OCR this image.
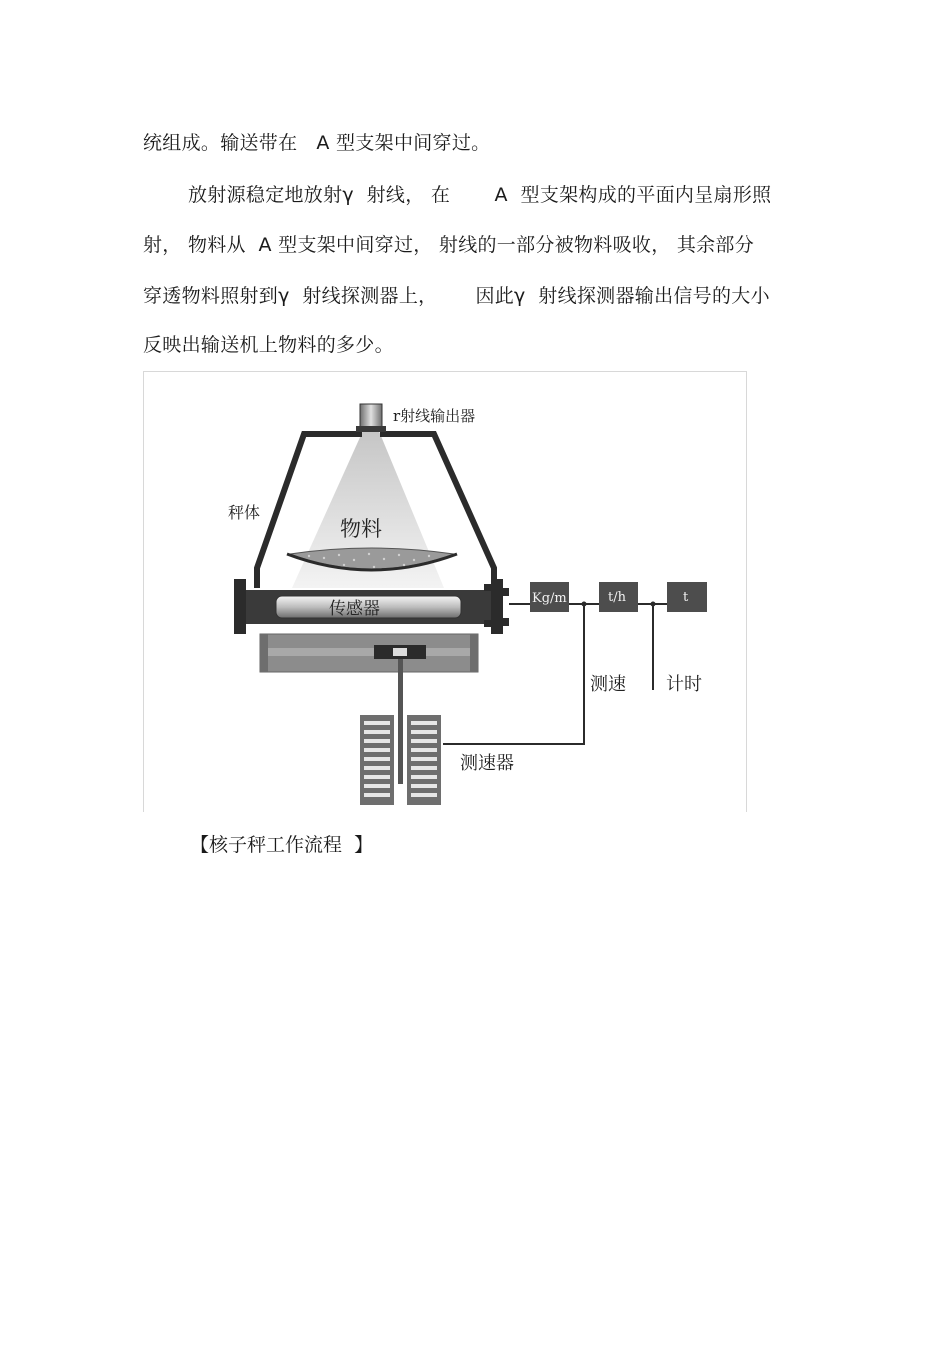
统组成。输送带在   A 型支架中间穿过。
放射源稳定地放射γ  射线， 在       A  型支架构成的平面内呈扇形照
射， 物料从  A 型支架中间穿过， 射线的一部分被物料吸收， 其余部分
穿透物料照射到γ  射线探测器上，      因此γ  射线探测器输出信号的大小
反映出输送机上物料的多少。
r射线输出器
秤体
物料
传感器
Kg/m	t/h	t
测速 计时
测速器
【核子秤工作流程  】
